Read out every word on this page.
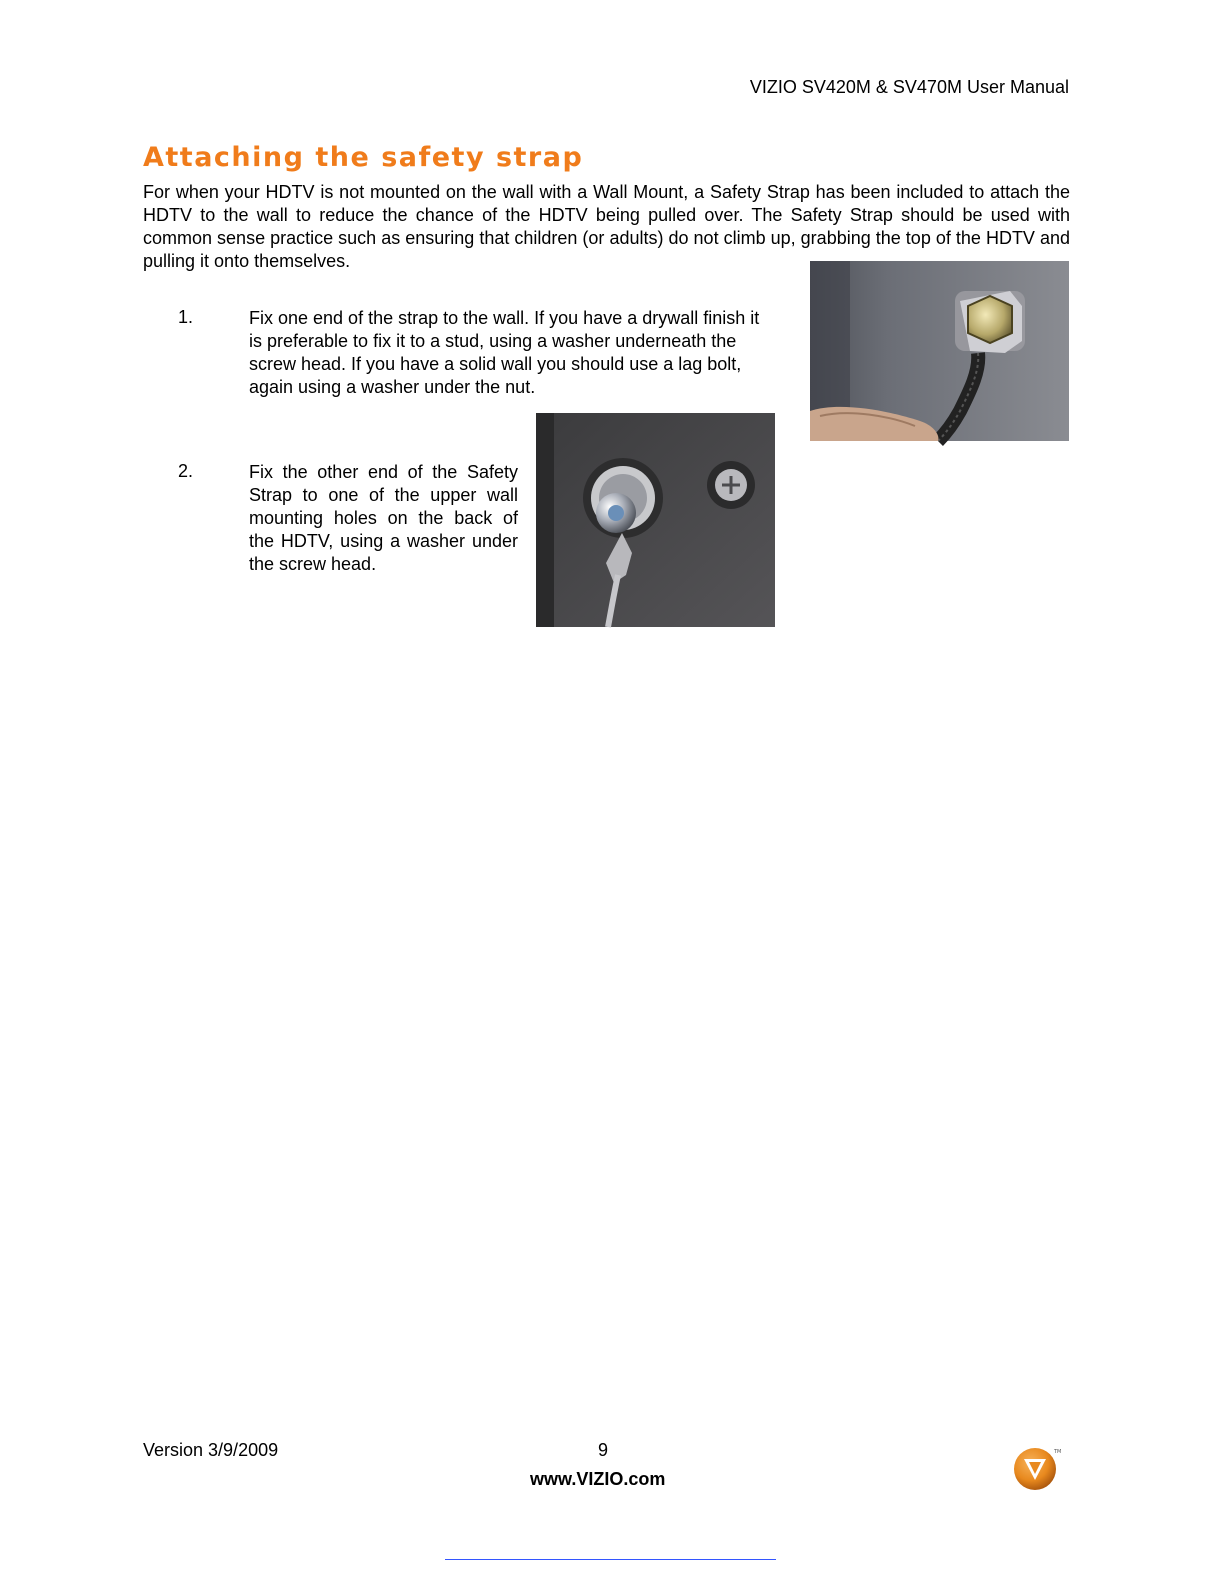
VIZIO SV420M & SV470M User Manual
Attaching the safety strap

For when your HDTV is not mounted on the wall with a Wall Mount, a Safety Strap has been included to attach the HDTV to the wall to reduce the chance of the HDTV being pulled over. The Safety Strap should be used with common sense practice such as ensuring that children (or adults) do not climb up, grabbing the top of the HDTV and pulling it onto themselves.

1.	Fix one end of the strap to the wall. If you have a drywall finish it is preferable to fix it to a stud, using a washer underneath the screw head. If you have a solid wall you should use a lag bolt, again using a washer under the nut.

2.	Fix the other end of the Safety Strap to one of the upper wall mounting holes on the back of the HDTV, using a washer under the screw head.

Version 3/9/2009	9
www.VIZIO.com
TM
